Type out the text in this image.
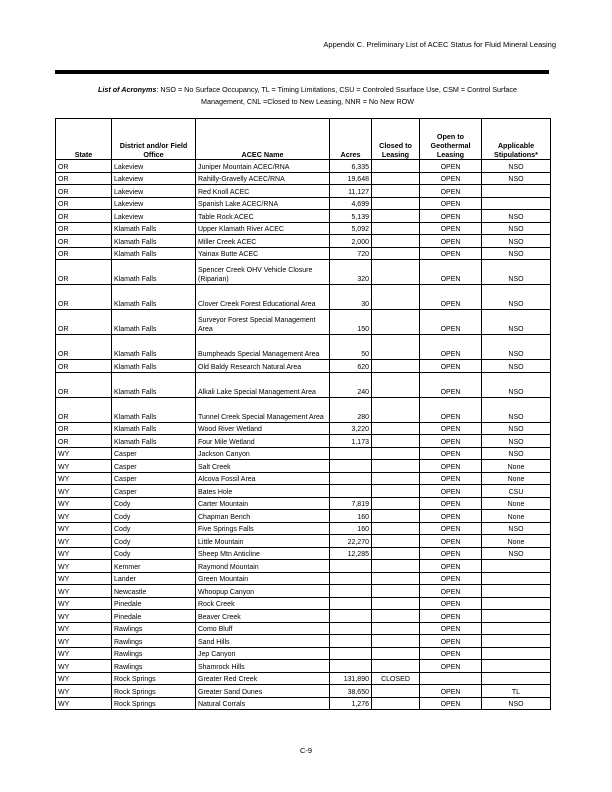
Appendix C. Preliminary List of ACEC Status for Fluid Mineral Leasing
List of Acronyms: NSO = No Surface Occupancy, TL = Timing Limitations, CSU = Controled Ssurface Use, CSM = Control Surface
Management, CNL =Closed to New Leasing, NNR = No New ROW
State	District and/or Field Office	ACEC Name	Acres	Closed to Leasing	Open to Geothermal Leasing	Applicable Stipulations*
OR	Lakeview	Juniper Mountain ACEC/RNA	6,335		OPEN	NSO
OR	Lakeview	Rahilly-Gravelly ACEC/RNA	19,648		OPEN	NSO
OR	Lakeview	Red Knoll ACEC	11,127		OPEN	
OR	Lakeview	Spanish Lake ACEC/RNA	4,699		OPEN	
OR	Lakeview	Table Rock ACEC	5,139		OPEN	NSO
OR	Klamath Falls	Upper Klamath River ACEC	5,092		OPEN	NSO
OR	Klamath Falls	Miller Creek ACEC	2,000		OPEN	NSO
OR	Klamath Falls	Yainax Butte ACEC	720		OPEN	NSO
OR	Klamath Falls	Spencer Creek OHV Vehicle Closure (Riparian)	320		OPEN	NSO
OR	Klamath Falls	Clover Creek Forest Educational Area	30		OPEN	NSO
OR	Klamath Falls	Surveyor Forest Special Management Area	150		OPEN	NSO
OR	Klamath Falls	Bumpheads Special Management Area	50		OPEN	NSO
OR	Klamath Falls	Old Baldy Research Natural Area	620		OPEN	NSO
OR	Klamath Falls	Alkali Lake Special Management Area	240		OPEN	NSO
OR	Klamath Falls	Tunnel Creek Special Management Area	280		OPEN	NSO
OR	Klamath Falls	Wood River Wetland	3,220		OPEN	NSO
OR	Klamath Falls	Four Mile Wetland	1,173		OPEN	NSO
WY	Casper	Jackson Canyon			OPEN	NSO
WY	Casper	Salt Creek			OPEN	None
WY	Casper	Alcova Fossil Area			OPEN	None
WY	Casper	Bates Hole			OPEN	CSU
WY	Cody	Carter Mountain	7,819		OPEN	None
WY	Cody	Chapman Bench	160		OPEN	None
WY	Cody	Five Springs Falls	160		OPEN	NSO
WY	Cody	Little Mountain	22,270		OPEN	None
WY	Cody	Sheep Mtn Anticline	12,285		OPEN	NSO
WY	Kemmer	Raymond Mountain			OPEN	
WY	Lander	Green Mountain			OPEN	
WY	Newcastle	Whoopup Canyon			OPEN	
WY	Pinedale	Rock Creek			OPEN	
WY	Pinedale	Beaver Creek			OPEN	
WY	Rawlings	Como Bluff			OPEN	
WY	Rawlings	Sand Hills			OPEN	
WY	Rawlings	Jep Canyon			OPEN	
WY	Rawlings	Shamrock Hills			OPEN	
WY	Rock Springs	Greater Red Creek	131,890	CLOSED		
WY	Rock Springs	Greater Sand Dunes	38,650		OPEN	TL
WY	Rock Springs	Natural Corrals	1,276		OPEN	NSO
C-9
